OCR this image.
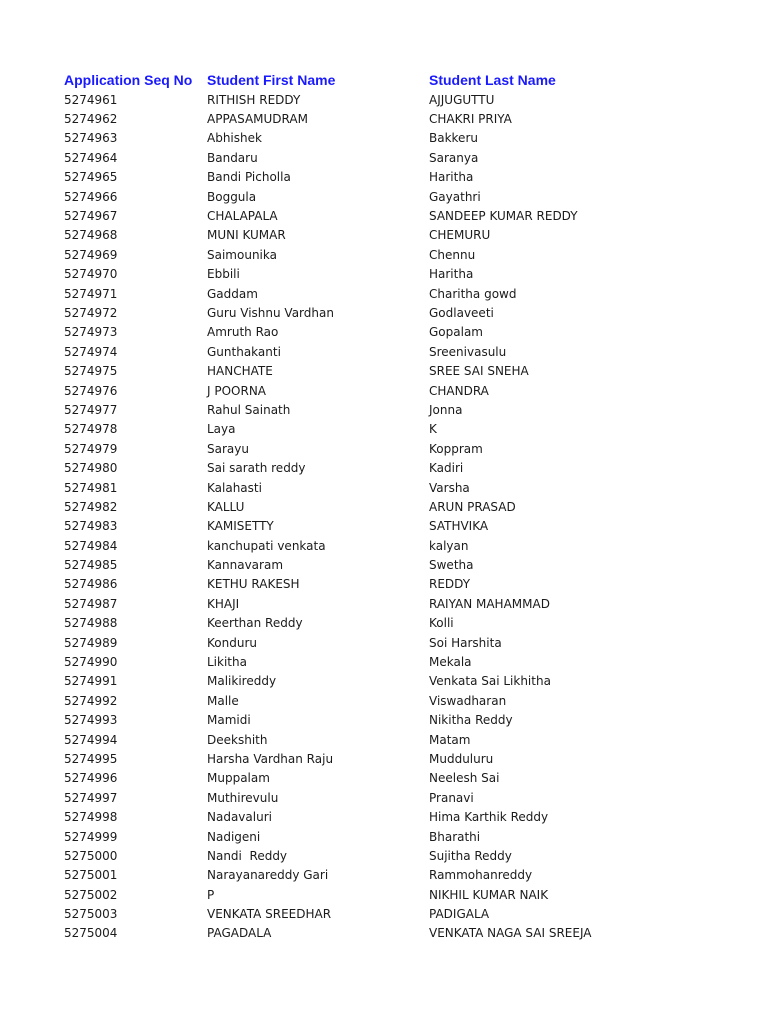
Application Seq No	Student First Name	Student Last Name
5274961	RITHISH REDDY	AJJUGUTTU
5274962	APPASAMUDRAM	CHAKRI PRIYA
5274963	Abhishek	Bakkeru
5274964	Bandaru	Saranya
5274965	Bandi Picholla	Haritha
5274966	Boggula	Gayathri
5274967	CHALAPALA	SANDEEP KUMAR REDDY
5274968	MUNI KUMAR	CHEMURU
5274969	Saimounika	Chennu
5274970	Ebbili	Haritha
5274971	Gaddam	Charitha gowd
5274972	Guru Vishnu Vardhan	Godlaveeti
5274973	Amruth Rao	Gopalam
5274974	Gunthakanti	Sreenivasulu
5274975	HANCHATE	SREE SAI SNEHA
5274976	J POORNA	CHANDRA
5274977	Rahul Sainath	Jonna
5274978	Laya	K
5274979	Sarayu	Koppram
5274980	Sai sarath reddy	Kadiri
5274981	Kalahasti	Varsha
5274982	KALLU	ARUN PRASAD
5274983	KAMISETTY	SATHVIKA
5274984	kanchupati venkata	kalyan
5274985	Kannavaram	Swetha
5274986	KETHU RAKESH	REDDY
5274987	KHAJI	RAIYAN MAHAMMAD
5274988	Keerthan Reddy	Kolli
5274989	Konduru	Soi Harshita
5274990	Likitha	Mekala
5274991	Malikireddy	Venkata Sai Likhitha
5274992	Malle	Viswadharan
5274993	Mamidi	Nikitha Reddy
5274994	Deekshith	Matam
5274995	Harsha Vardhan Raju	Mudduluru
5274996	Muppalam	Neelesh Sai
5274997	Muthirevulu	Pranavi
5274998	Nadavaluri	Hima Karthik Reddy
5274999	Nadigeni	Bharathi
5275000	Nandi  Reddy	Sujitha Reddy
5275001	Narayanareddy Gari	Rammohanreddy
5275002	P	NIKHIL KUMAR NAIK
5275003	VENKATA SREEDHAR	PADIGALA
5275004	PAGADALA	VENKATA NAGA SAI SREEJA
